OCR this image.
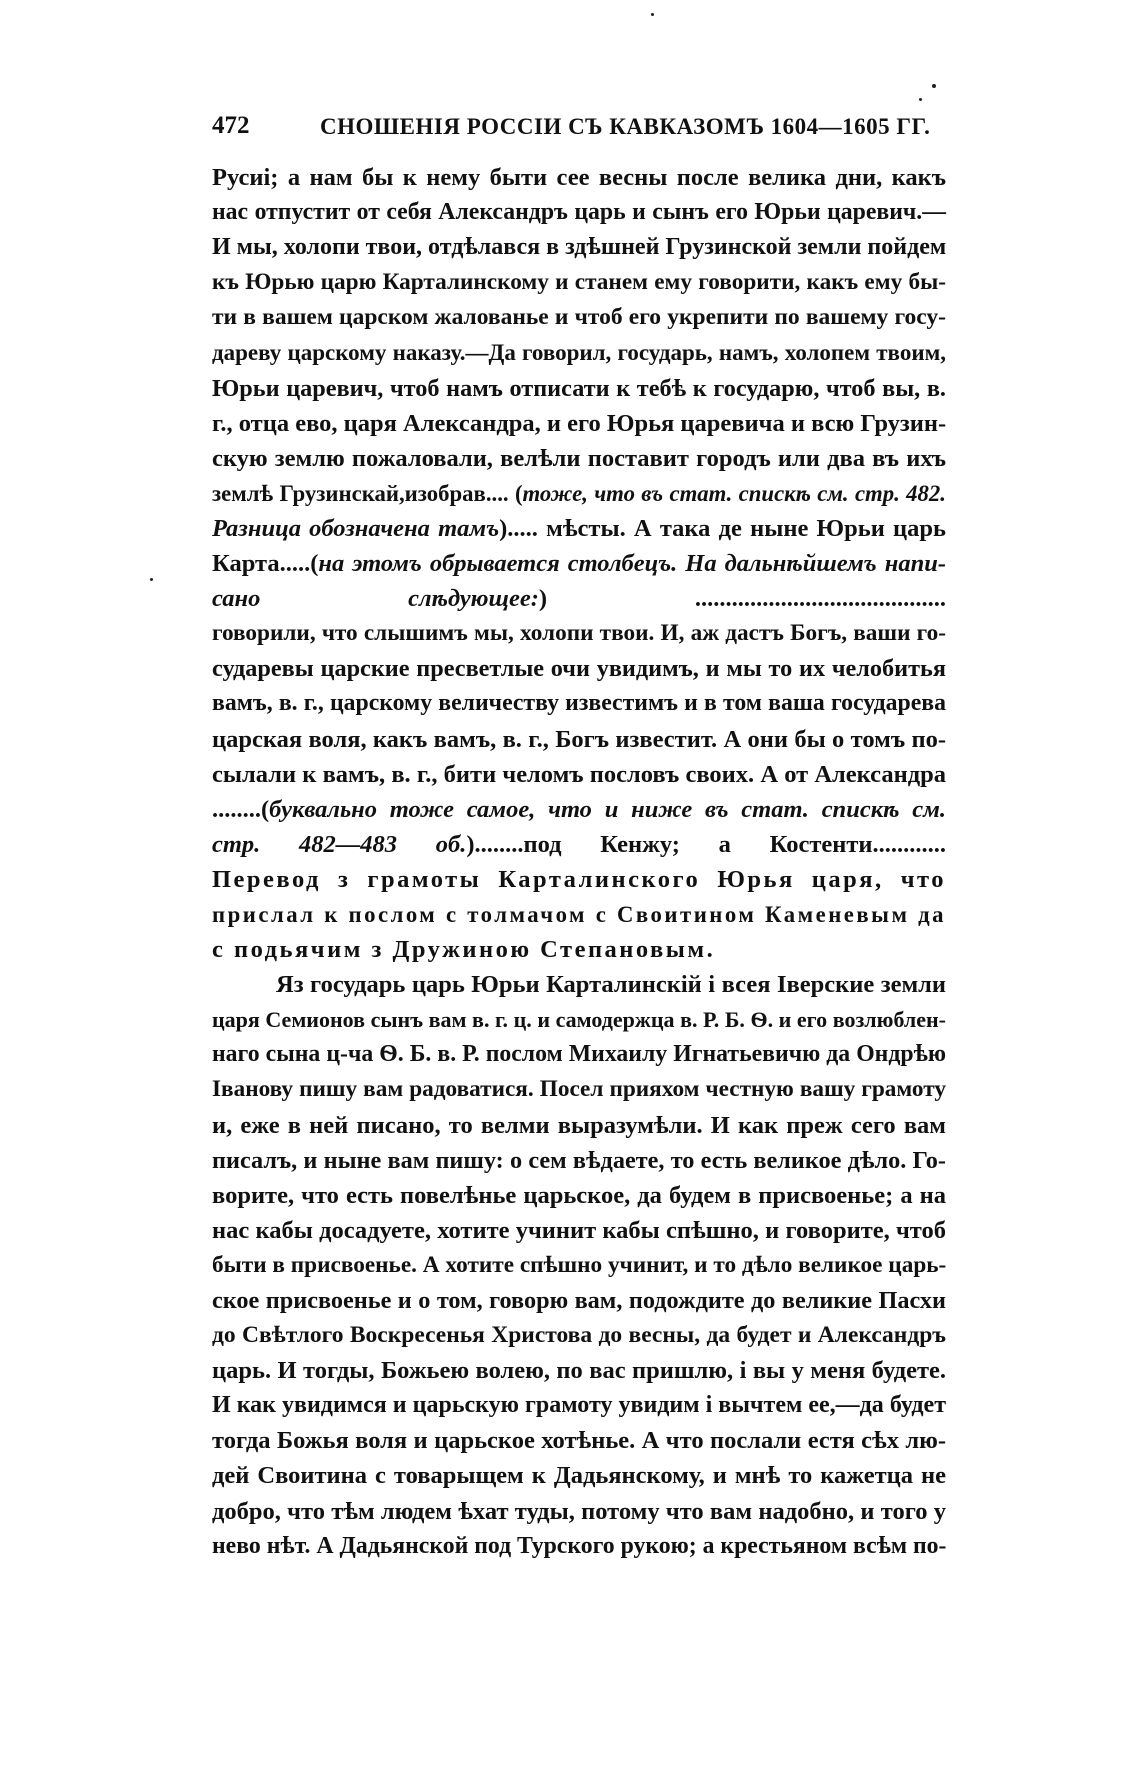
472	СНОШЕНІЯ РОССІИ СЪ КАВКАЗОМЪ 1604—1605 ГГ.
Русиі; а нам бы к нему быти сее весны после велика дни, какъ
нас отпустит от себя Александръ царь и сынъ его Юрьи царевич.—
И мы, холопи твои, отдѣлався в здѣшней Грузинской земли пойдем
къ Юрью царю Карталинскому и станем ему говорити, какъ ему бы-
ти в вашем царском жалованье и чтоб его укрепити по вашему госу-
дареву царскому наказу.—Да говорил, государь, намъ, холопем твоим,
Юрьи царевич, чтоб намъ отписати к тебѣ к государю, чтоб вы, в.
г., отца ево, царя Александра, и его Юрья царевича и всю Грузин-
скую землю пожаловали, велѣли поставит городъ или два въ ихъ
землѣ Грузинскай,изобрав.... (тоже, что въ стат. спискѣ см. стр. 482.
Разница обозначена тамъ)..... мѣсты. А така де ныне Юрьи царь
Карта.....(на этомъ обрывается столбецъ. На дальнѣйшемъ напи-
сано слѣдующее:) .........................................
говорили, что слышимъ мы, холопи твои. И, аж дастъ Богъ, ваши го-
сударевы царские пресветлые очи увидимъ, и мы то их челобитья
вамъ, в. г., царскому величеству известимъ и в том ваша государева
царская воля, какъ вамъ, в. г., Богъ известит. А они бы о томъ по-
сылали к вамъ, в. г., бити челомъ пословъ своих. А от Александра
........(буквально тоже самое, что и ниже въ стат. спискѣ см.
стр. 482—483 об.)........под Кенжу; а Костенти............
Перевод з грамоты Карталинского Юрья царя, что
прислал к послом с толмачом с Своитином Каменевым да
с подьячим з Дружиною Степановым.
Яз государь царь Юрьи Карталинскій і всея Іверские земли
царя Семионов сынъ вам в. г. ц. и самодержца в. Р. Б. Ѳ. и его возлюблен-
наго сына ц-ча Ѳ. Б. в. Р. послом Михаилу Игнатьевичю да Ондрѣю
Іванову пишу вам радоватися. Посел прияхом честную вашу грамоту
и, еже в ней писано, то велми выразумѣли. И как преж сего вам
писалъ, и ныне вам пишу: о сем вѣдаете, то есть великое дѣло. Го-
ворите, что есть повелѣнье царьское, да будем в присвоенье; а на
нас кабы досадуете, хотите учинит кабы спѣшно, и говорите, чтоб
быти в присвоенье. А хотите спѣшно учинит, и то дѣло великое царь-
ское присвоенье и о том, говорю вам, подождите до великие Пасхи
до Свѣтлого Воскресенья Христова до весны, да будет и Александръ
царь. И тогды, Божьею волею, по вас пришлю, і вы у меня будете.
И как увидимся и царьскую грамоту увидим і вычтем ее,—да будет
тогда Божья воля и царьское хотѣнье. А что послали естя сѣх лю-
дей Своитина с товарыщем к Дадьянскому, и мнѣ то кажетца не
добро, что тѣм людем ѣхат туды, потому что вам надобно, и того у
нево нѣт. А Дадьянской под Турского рукою; а крестьяном всѣм по-
